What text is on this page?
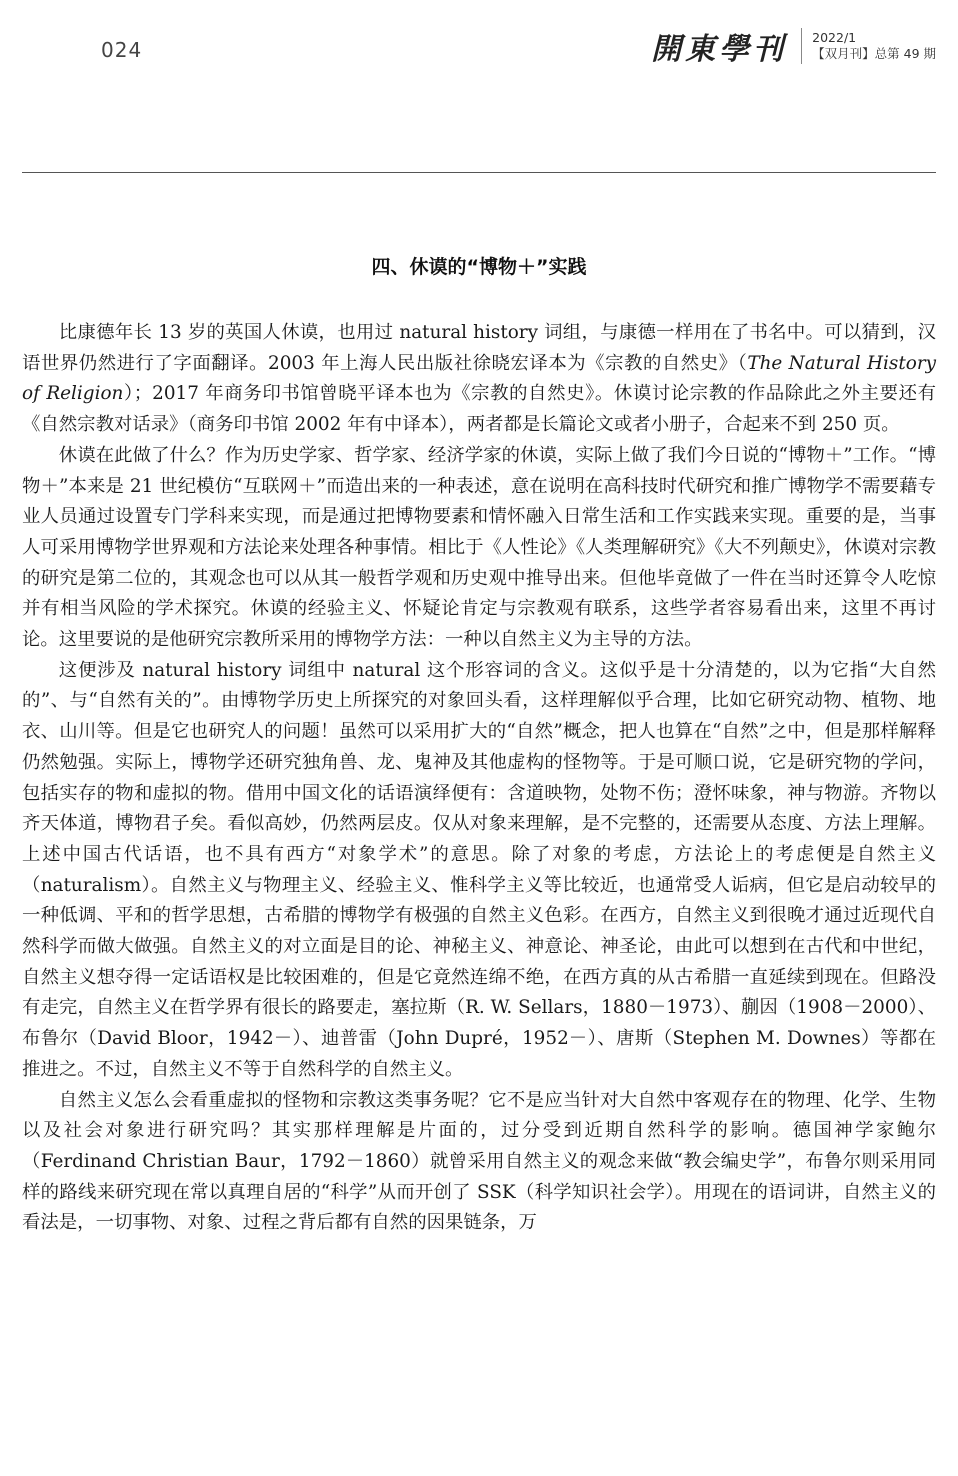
024	開東學刊 2022/1
【双月刊】总第 49 期
四、休谟的“博物＋”实践

比康德年长 13 岁的英国人休谟，也用过 natural history 词组，与康德一样用在了书名中。可以猜到，汉语世界仍然进行了字面翻译。2003 年上海人民出版社徐晓宏译本为《宗教的自然史》（The Natural History of Religion）；2017 年商务印书馆曾晓平译本也为《宗教的自然史》。休谟讨论宗教的作品除此之外主要还有《自然宗教对话录》（商务印书馆 2002 年有中译本），两者都是长篇论文或者小册子，合起来不到 250 页。

休谟在此做了什么？作为历史学家、哲学家、经济学家的休谟，实际上做了我们今日说的“博物＋”工作。“博物＋”本来是 21 世纪模仿“互联网＋”而造出来的一种表述，意在说明在高科技时代研究和推广博物学不需要藉专业人员通过设置专门学科来实现，而是通过把博物要素和情怀融入日常生活和工作实践来实现。重要的是，当事人可采用博物学世界观和方法论来处理各种事情。相比于《人性论》《人类理解研究》《大不列颠史》，休谟对宗教的研究是第二位的，其观念也可以从其一般哲学观和历史观中推导出来。但他毕竟做了一件在当时还算令人吃惊并有相当风险的学术探究。休谟的经验主义、怀疑论肯定与宗教观有联系，这些学者容易看出来，这里不再讨论。这里要说的是他研究宗教所采用的博物学方法：一种以自然主义为主导的方法。

这便涉及 natural history 词组中 natural 这个形容词的含义。这似乎是十分清楚的，以为它指“大自然的”、与“自然有关的”。由博物学历史上所探究的对象回头看，这样理解似乎合理，比如它研究动物、植物、地衣、山川等。但是它也研究人的问题！虽然可以采用扩大的“自然”概念，把人也算在“自然”之中，但是那样解释仍然勉强。实际上，博物学还研究独角兽、龙、鬼神及其他虚构的怪物等。于是可顺口说，它是研究物的学问，包括实存的物和虚拟的物。借用中国文化的话语演绎便有：含道映物，处物不伤；澄怀味象，神与物游。齐物以齐天体道，博物君子矣。看似高妙，仍然两层皮。仅从对象来理解，是不完整的，还需要从态度、方法上理解。上述中国古代话语，也不具有西方“对象学术”的意思。除了对象的考虑，方法论上的考虑便是自然主义（naturalism）。自然主义与物理主义、经验主义、惟科学主义等比较近，也通常受人诟病，但它是启动较早的一种低调、平和的哲学思想，古希腊的博物学有极强的自然主义色彩。在西方，自然主义到很晚才通过近现代自然科学而做大做强。自然主义的对立面是目的论、神秘主义、神意论、神圣论，由此可以想到在古代和中世纪，自然主义想夺得一定话语权是比较困难的，但是它竟然连绵不绝，在西方真的从古希腊一直延续到现在。但路没有走完，自然主义在哲学界有很长的路要走，塞拉斯（R. W. Sellars，1880－1973）、蒯因（1908－2000）、布鲁尔（David Bloor，1942－）、迪普雷（John Dupré，1952－）、唐斯（Stephen M. Downes）等都在推进之。不过，自然主义不等于自然科学的自然主义。

自然主义怎么会看重虚拟的怪物和宗教这类事务呢？它不是应当针对大自然中客观存在的物理、化学、生物以及社会对象进行研究吗？其实那样理解是片面的，过分受到近期自然科学的影响。德国神学家鲍尔（Ferdinand Christian Baur，1792－1860）就曾采用自然主义的观念来做“教会编史学”，布鲁尔则采用同样的路线来研究现在常以真理自居的“科学”从而开创了 SSK（科学知识社会学）。用现在的语词讲，自然主义的看法是，一切事物、对象、过程之背后都有自然的因果链条，万
